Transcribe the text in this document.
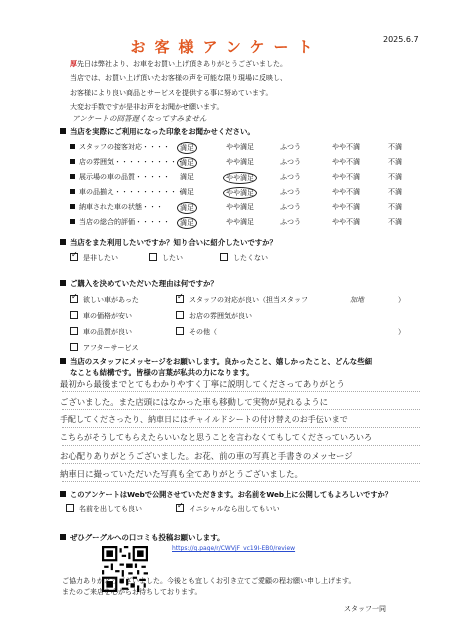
お客様アンケート	2025.6.7
厚先日は弊社より、お車をお買い上げ頂きありがとうございました。
当店では、お買い上げ頂いたお客様の声を可能な限り現場に反映し、
お客様により良い商品とサービスを提供する事に努めています。
大変お手数ですが是非お声をお聞かせ願います。
アンケートの回答遅くなってすみません
当店を実際にご利用になった印象をお聞かせください。
スタッフの接客対応・・・・	満足	やや満足	ふつう	やや不満	不満
店の雰囲気・・・・・・・・・・
満足	やや満足	ふつう	やや不満	不満
展示場の車の品質・・・・・ 満足	やや満足	ふつう	やや不満	不満
車の品揃え・・・・・・・・・・
満足	やや満足	ふつう	やや不満	不満
納車された車の状態・・・	満足	やや満足	ふつう	やや不満	不満
当店の総合的評価・・・・・	満足	やや満足	ふつう	やや不満	不満
当店をまた利用したいですか？知り合いに紹介したいですか？
✓是非したい	したい	したくない
ご購入を決めていただいた理由は何ですか？
✓欲しい車があった
車の価格が安い
車の品質が良い
アフターサービス
✓スタッフの対応が良い（担当スタッフ	加地	）
お店の雰囲気が良い
その他（	）
当店のスタッフにメッセージをお願いします。良かったこと、嬉しかったこと、どんな些細
なことも結構です。皆様の言葉が私共の力になります。
最初から最後までとてもわかりやすく丁寧に説明してくださってありがとう
ございました。また店頭にはなかった車も移動して実物が見れるように
手配してくださったり、納車日にはチャイルドシートの付け替えのお手伝いまで
こちらがそうしてもらえたらいいなと思うことを言わなくてもしてくださっていろいろ
お心配りありがとうございました。お花、前の車の写真と手書きのメッセージ
納車日に撮っていただいた写真も全てありがとうございました。
このアンケートはWebで公開させていただきます。お名前をWeb上に公開してもよろしいですか？
名前を出しても良い
✓	イニシャルなら出してもいい
ぜひグーグルへの口コミも投稿お願いします。
https://g.page/r/CWVjF_vc19I-EB0/review
ご協力ありがとうございました。今後とも宜しくお引き立てご愛顧の程お願い申し上げます。
またのご来店を心からお待ちしております。
スタッフ一同
